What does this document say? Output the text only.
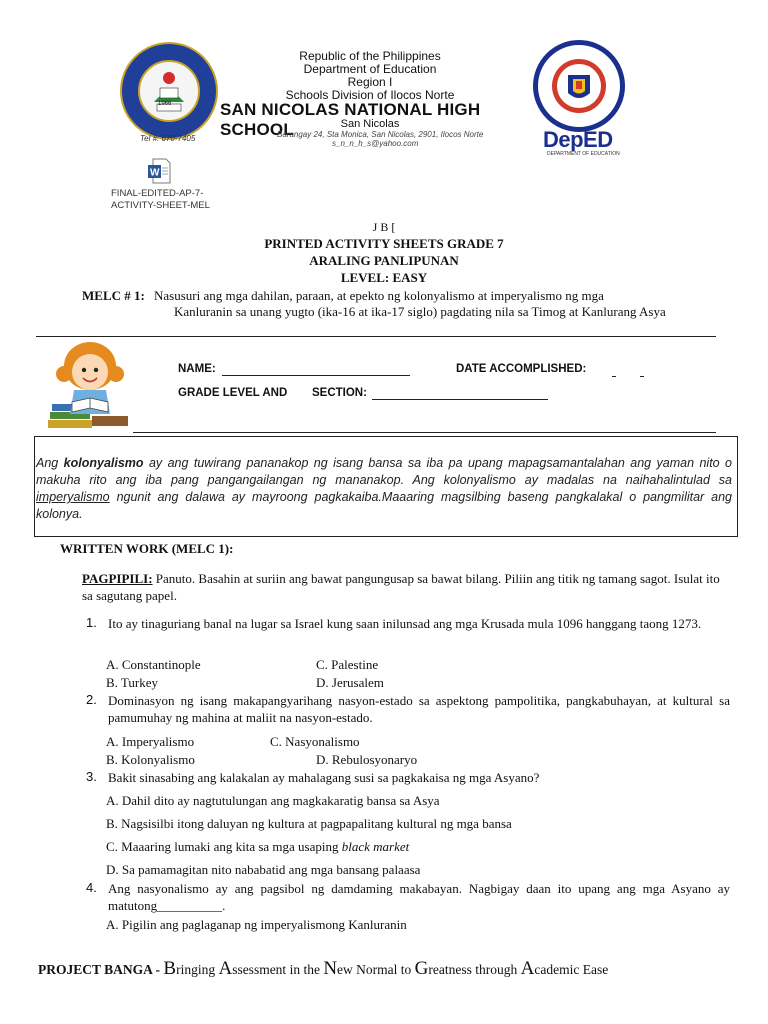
1966
Tel #: 670-7405
Republic of the Philippines
Department of Education
Region I
Schools Division of Ilocos Norte
SAN NICOLAS NATIONAL HIGH SCHOOL	San Nicolas
Barangay 24, Sta Monica, San Nicolas, 2901, Ilocos Norte
s_n_n_h_s@yahoo.com	DepED
DEPARTMENT OF EDUCATION
W
FINAL-EDITED-AP-7-
ACTIVITY-SHEET-MEL
J B [
PRINTED ACTIVITY SHEETS GRADE 7
ARALING PANLIPUNAN
LEVEL: EASY
MELC # 1: Nasusuri ang mga dahilan, paraan, at epekto ng kolonyalismo at imperyalismo ng mga
Kanluranin sa unang yugto (ika-16 at ika-17 siglo) pagdating nila sa Timog at Kanlurang Asya
NAME:	DATE ACCOMPLISHED:
GRADE LEVEL AND SECTION:
Ang kolonyalismo ay ang tuwirang pananakop ng isang bansa sa iba pa upang mapagsamantalahan ang yaman nito o makuha rito ang iba pang pangangailangan ng mananakop. Ang kolonyalismo ay madalas na naihahalintulad sa imperyalismo ngunit ang dalawa ay mayroong pagkakaiba.Maaaring magsilbing baseng pangkalakal o pangmilitar ang kolonya.
WRITTEN WORK (MELC 1):
PAGPIPILI: Panuto. Basahin at suriin ang bawat pangungusap sa bawat bilang. Piliin ang titik ng tamang sagot. Isulat ito sa sagutang papel.
1. Ito ay tinaguriang banal na lugar sa Israel kung saan inilunsad ang mga Krusada mula 1096 hanggang taong 1273.
A. Constantinople	C. Palestine
B. Turkey	D. Jerusalem
2. Dominasyon ng isang makapangyarihang nasyon-estado sa aspektong pampolitika, pangkabuhayan, at kultural sa pamumuhay ng mahina at maliit na nasyon-estado.
A. Imperyalismo	C. Nasyonalismo
B. Kolonyalismo	D. Rebulosyonaryo
3. Bakit sinasabing ang kalakalan ay mahalagang susi sa pagkakaisa ng mga Asyano?
A. Dahil dito ay nagtutulungan ang magkakaratig bansa sa Asya
B. Nagsisilbi itong daluyan ng kultura at pagpapalitang kultural ng mga bansa
C. Maaaring lumaki ang kita sa mga usaping black market
D. Sa pamamagitan nito nababatid ang mga bansang palaasa
4. Ang nasyonalismo ay ang pagsibol ng damdaming makabayan. Nagbigay daan ito upang ang mga Asyano ay matutong__________.
A. Pigilin ang paglaganap ng imperyalismong Kanluranin
PROJECT BANGA - Bringing Assessment in the New Normal to Greatness through Academic Ease
